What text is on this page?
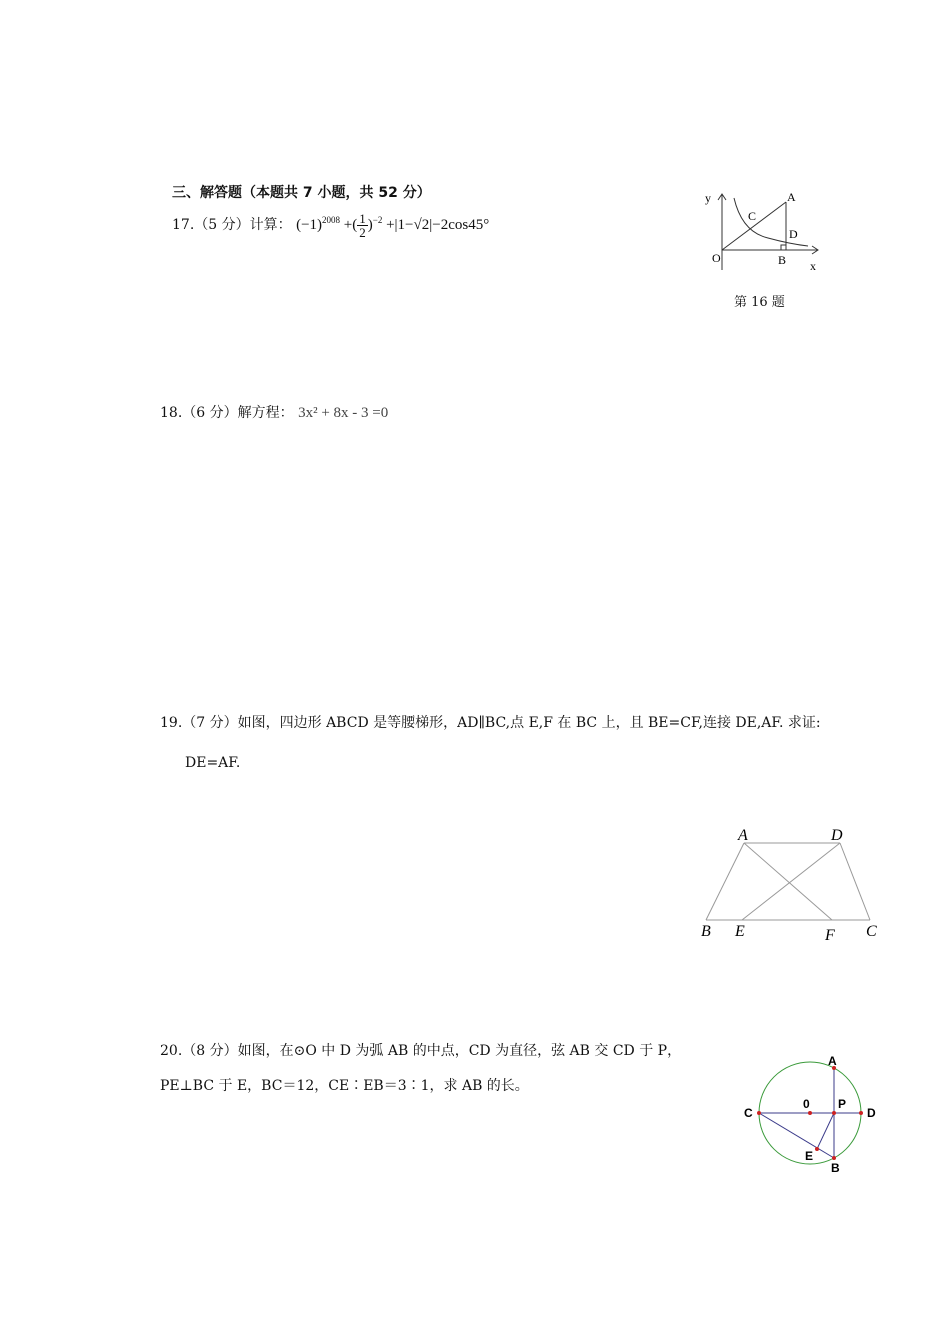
三、解答题（本题共 7 小题，共 52 分）
17.（5 分）计算： $(-1)^{2008}$ +( $\frac{1}{2} )^{-2} +|1-√2|-2\cos 45^\circ$
y
x
O
A
B
C
D
第 16 题
18.（6 分）解方程： 3x² + 8x - 3 =0
19.（7 分）如图，四边形 ABCD 是等腰梯形，AD∥BC,点 E,F 在 BC 上，且 BE=CF,连接 DE,AF. 求证:
DE=AF.
A	D
B E	F C
20.（8 分）如图，在⊙O 中 D 为弧 AB 的中点，CD 为直径，弦 AB 交 CD 于 P，
PE⊥BC 于 E，BC＝12，CE∶EB＝3∶1，求 AB 的长。
A
C
0 P
D
E
B
